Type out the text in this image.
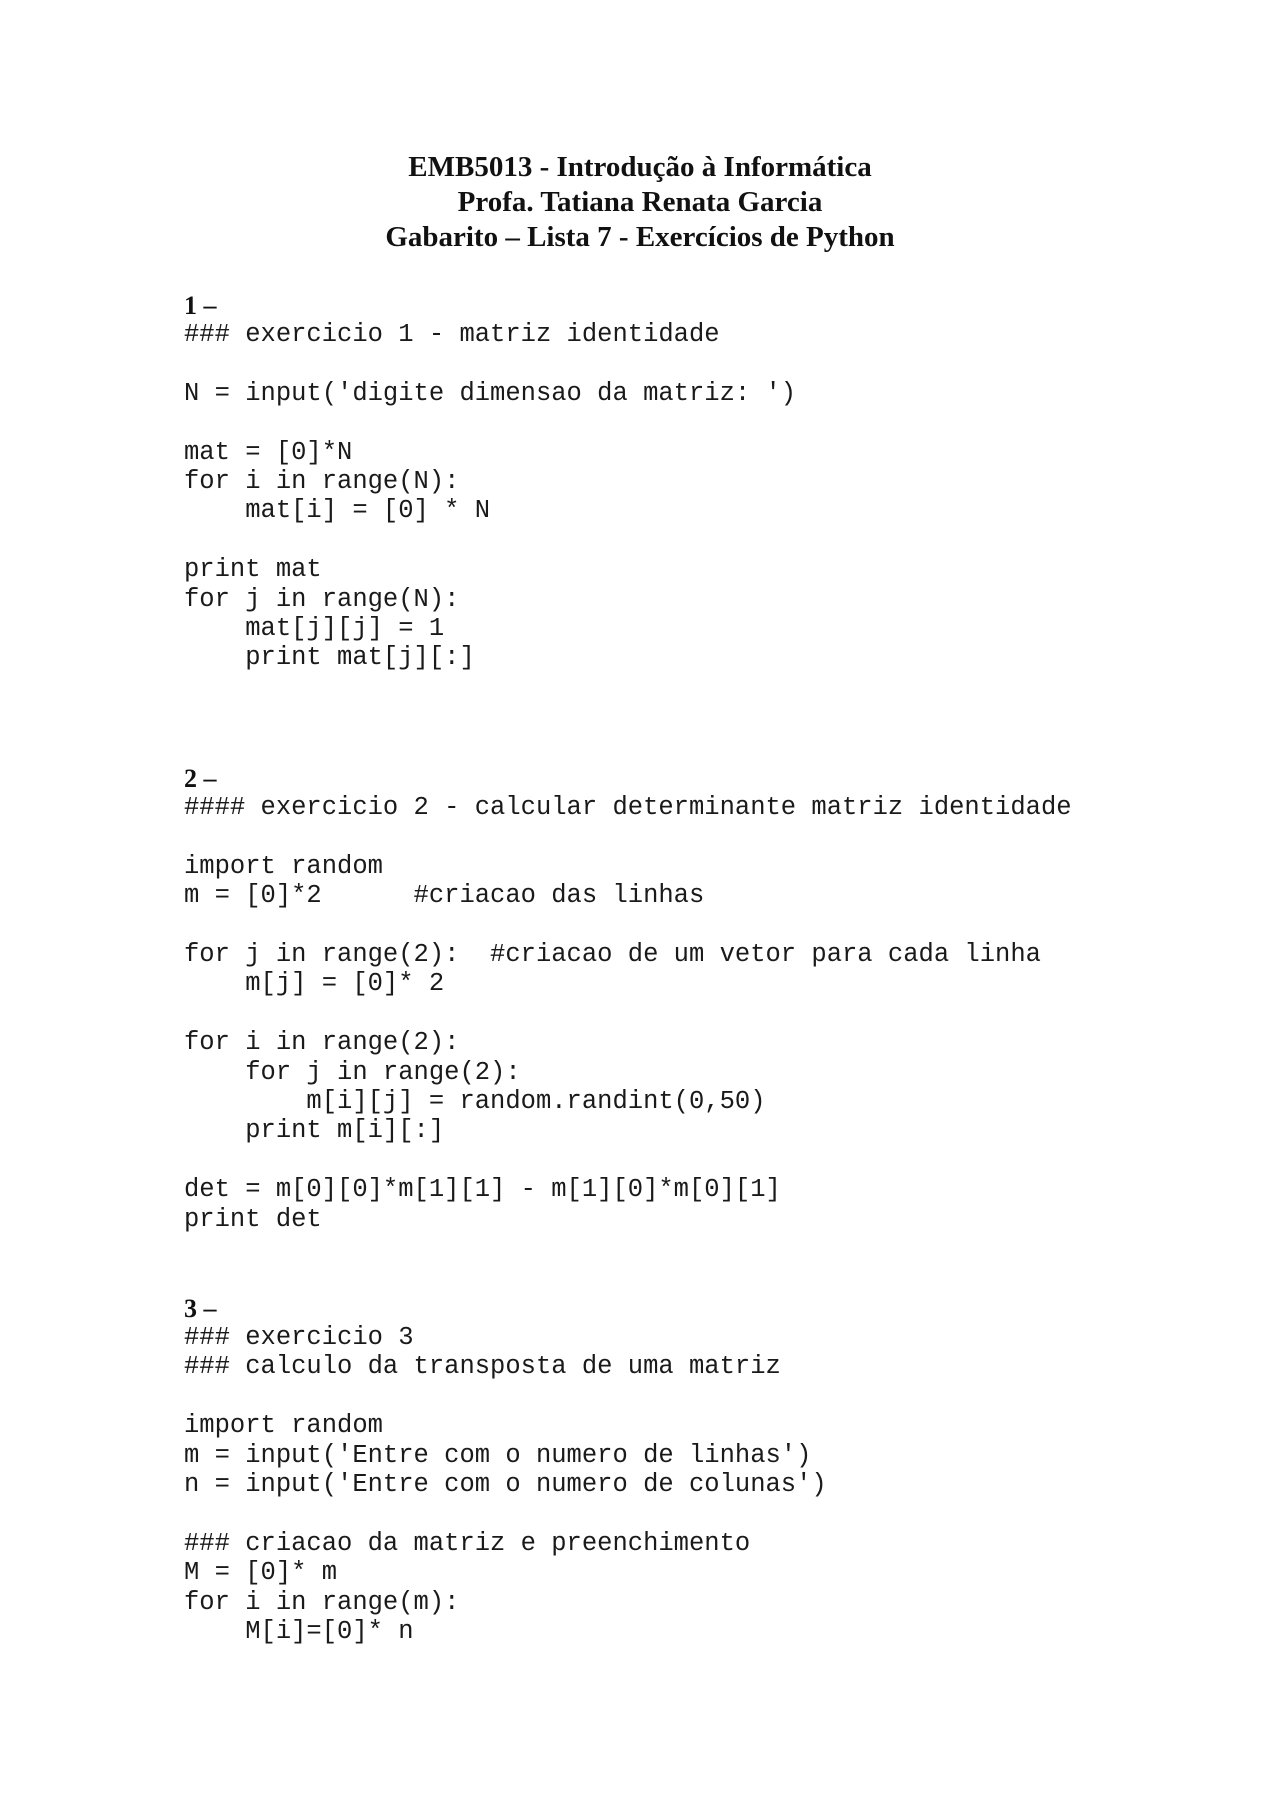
EMB5013 - Introdução à Informática
Profa. Tatiana Renata Garcia
Gabarito – Lista 7 - Exercícios de Python
1 –
### exercicio 1 - matriz identidade

N = input('digite dimensao da matriz: ')

mat = [0]*N
for i in range(N):
mat[i] = [0] * N

print mat
for j in range(N):
mat[j][j] = 1
print mat[j][:]
2 –
#### exercicio 2 - calcular determinante matriz identidade

import random
m = [0]*2      #criacao das linhas

for j in range(2):  #criacao de um vetor para cada linha
m[j] = [0]* 2

for i in range(2):
for j in range(2):
m[i][j] = random.randint(0,50)
print m[i][:]

det = m[0][0]*m[1][1] - m[1][0]*m[0][1]
print det
3 –
### exercicio 3
### calculo da transposta de uma matriz

import random
m = input('Entre com o numero de linhas')
n = input('Entre com o numero de colunas')

### criacao da matriz e preenchimento
M = [0]* m
for i in range(m):
M[i]=[0]* n
